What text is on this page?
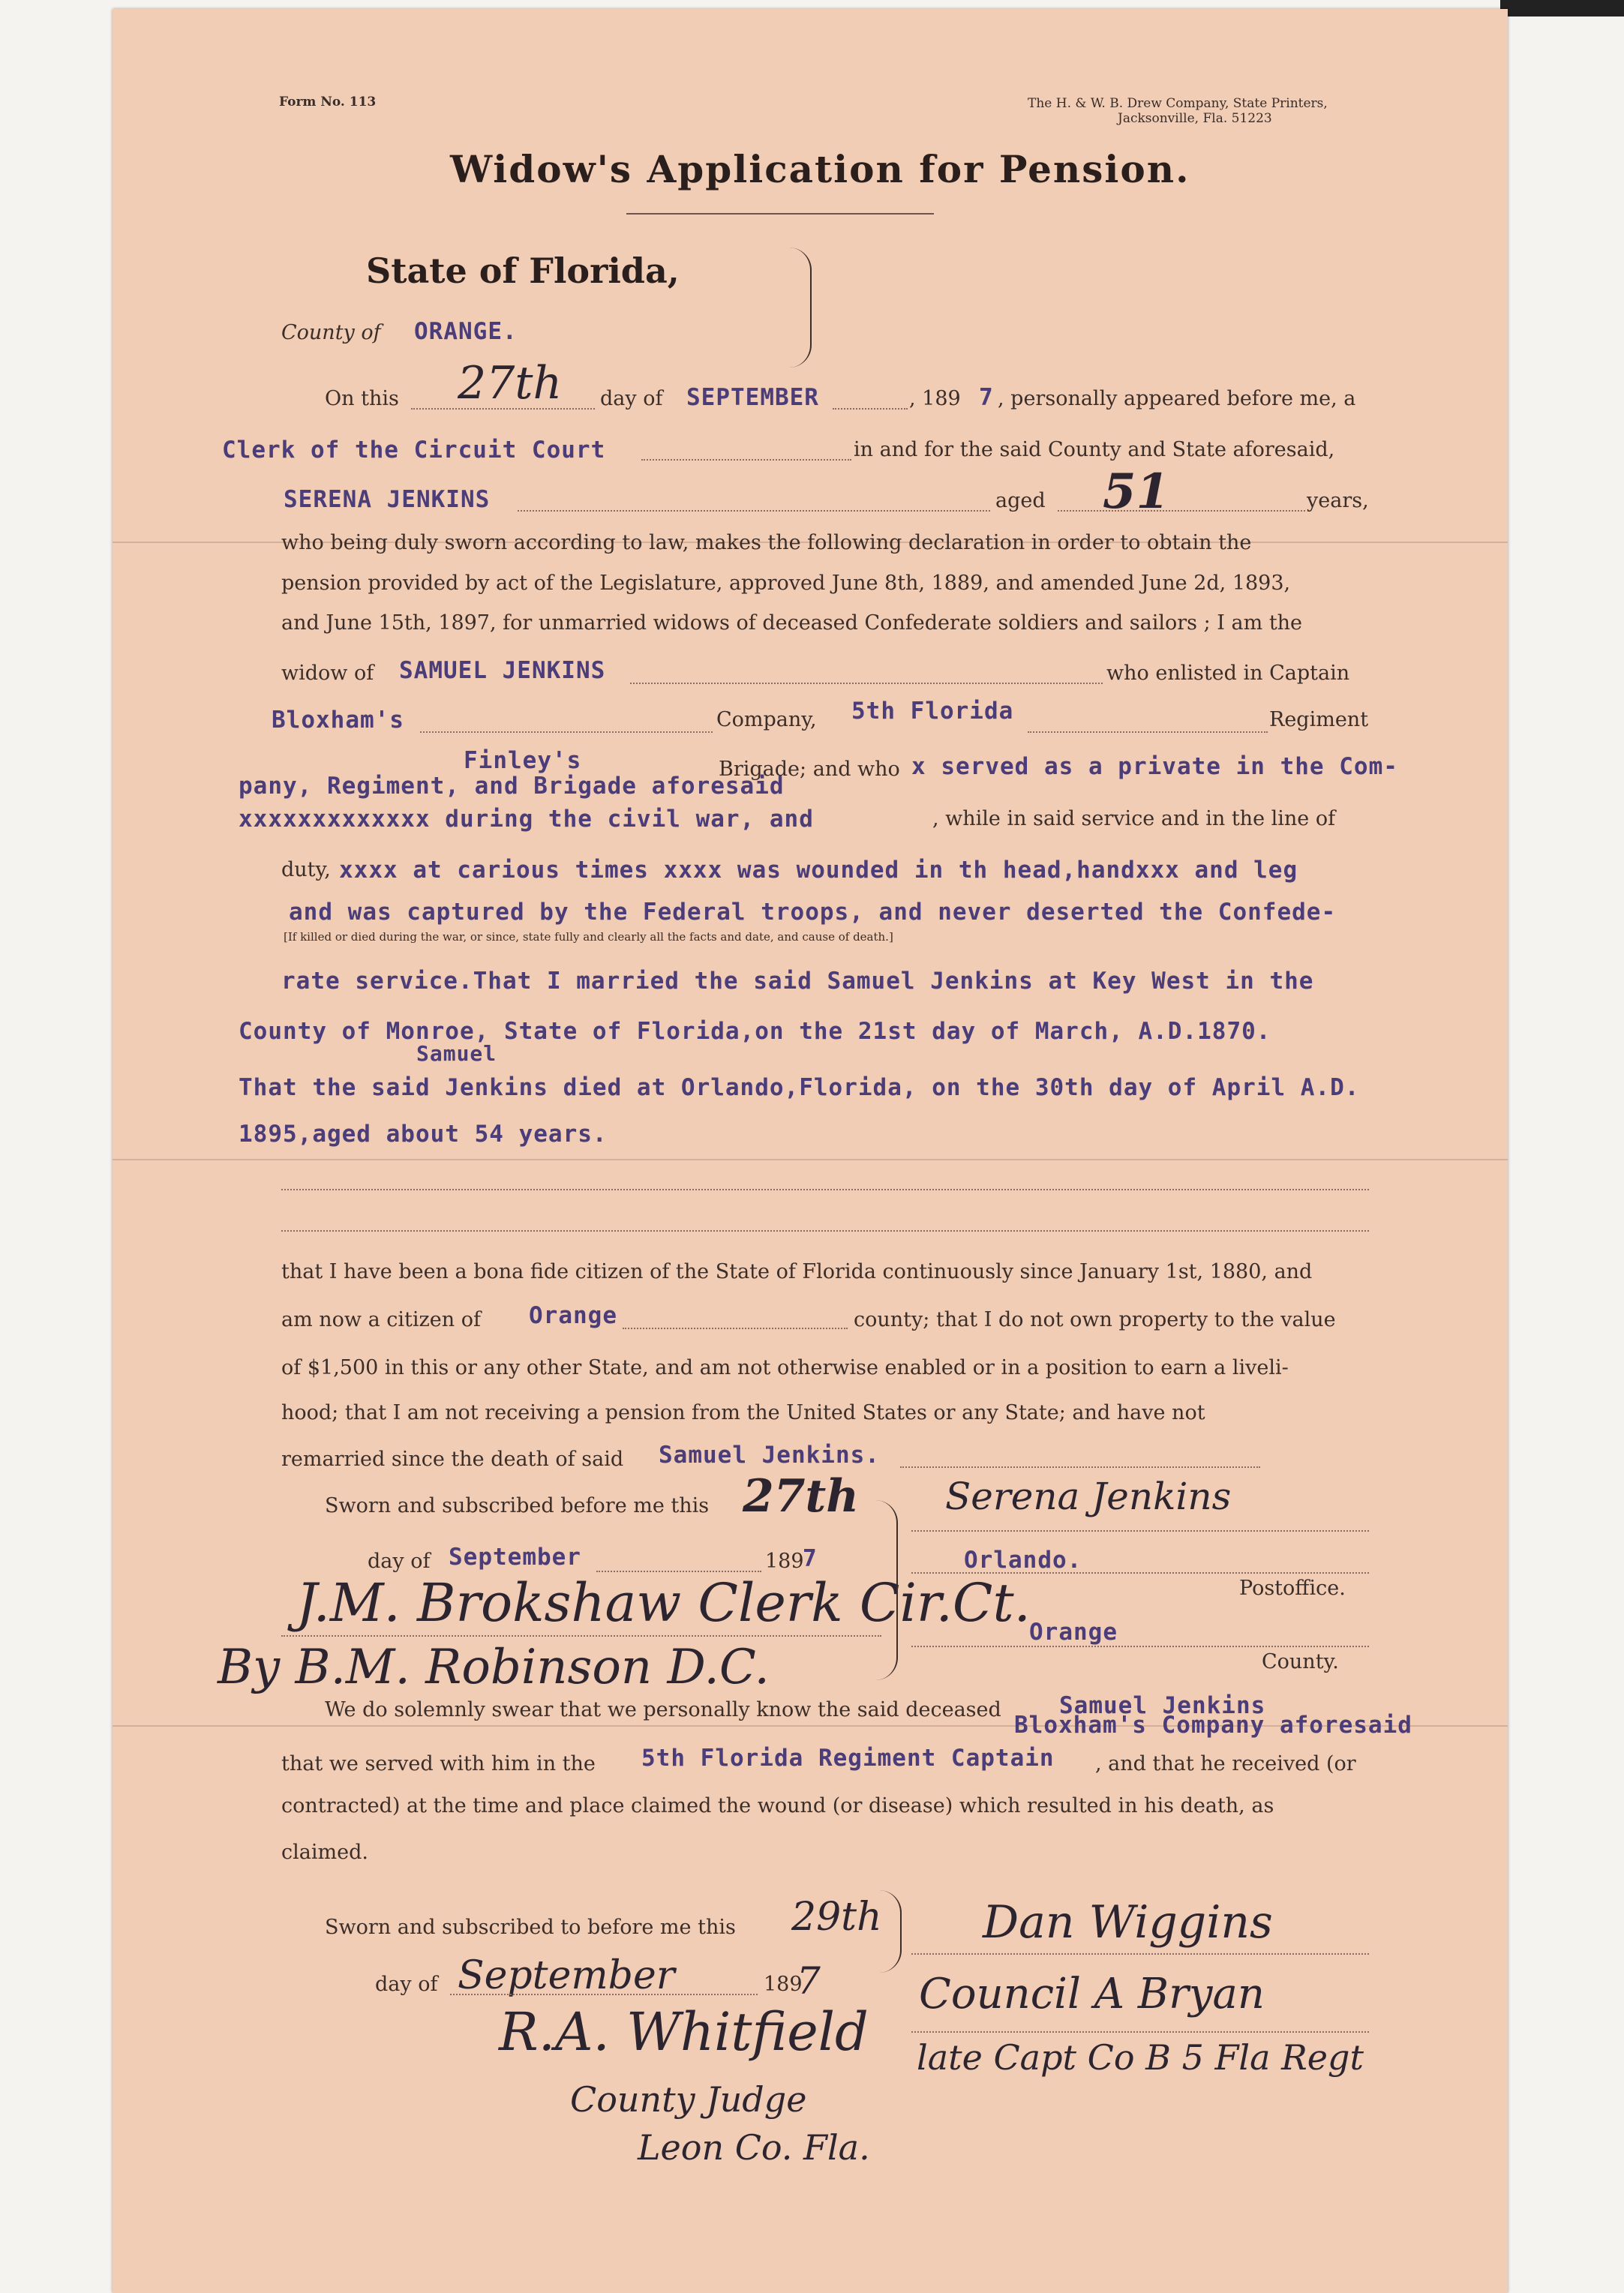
Form No. 113	The H. & W. B. Drew Company, State Printers,
Jacksonville, Fla. 51223
Widow's Application for Pension.
State of Florida,
County of ORANGE.
On this 27th day of SEPTEMBER	, 189 7 , personally appeared before me, a
Clerk of the Circuit Court	in and for the said County and State aforesaid,
SERENA JENKINS	aged 51	years,
who being duly sworn according to law, makes the following declaration in order to obtain the
pension provided by act of the Legislature, approved June 8th, 1889, and amended June 2d, 1893,
and June 15th, 1897, for unmarried widows of deceased Confederate soldiers and sailors ; I am the
widow of SAMUEL JENKINS	who enlisted in Captain
Bloxham's	Company, 5th Florida	Regiment
Finley's	Brigade; and who x served as a private in the Com-
pany, Regiment, and Brigade aforesaid
xxxxxxxxxxxxx during the civil war, and	, while in said service and in the line of
duty, xxxx at carious times xxxx was wounded in th head,handxxx and leg
and was captured by the Federal troops, and never deserted the Confede-
[If killed or died during the war, or since, state fully and clearly all the facts and date, and cause of death.]
rate service.That I married the said Samuel Jenkins at Key West in the
County of Monroe, State of Florida,on the 21st day of March, A.D.1870.
Samuel
That the said Jenkins died at Orlando,Florida, on the 30th day of April A.D.
1895,aged about 54 years.
that I have been a bona fide citizen of the State of Florida continuously since January 1st, 1880, and
am now a citizen of Orange	county; that I do not own property to the value
of $1,500 in this or any other State, and am not otherwise enabled or in a position to earn a liveli-
hood; that I am not receiving a pension from the United States or any State; and have not
remarried since the death of said Samuel Jenkins.
Sworn and subscribed before me this 27th
day of September	189
7
J.M. Brokshaw Clerk Cir.Ct.
By B.M. Robinson D.C.
Serena Jenkins
Orlando.
Postoffice.
Orange
County.
We do solemnly swear that we personally know the said deceased Samuel Jenkins
Bloxham's Company aforesaid
that we served with him in the 5th Florida Regiment Captain , and that he received (or
contracted) at the time and place claimed the wound (or disease) which resulted in his death, as
claimed.
Sworn and subscribed to before me this 29th
day of September	189
7
R.A. Whitfield
County Judge
Leon Co. Fla.
Dan Wiggins
Council A Bryan
late Capt Co B 5 Fla Regt
